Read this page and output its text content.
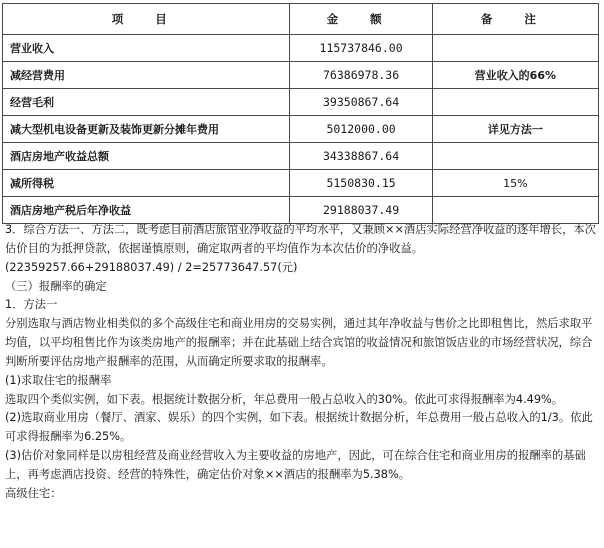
项 目	金 额	备 注
营业收入	115737846.00	
减经营费用	76386978.36	营业收入的66%
经营毛利	39350867.64	
减大型机电设备更新及装饰更新分摊年费用	5012000.00	详见方法一
酒店房地产收益总额	34338867.64	
减所得税	5150830.15	15%
酒店房地产税后年净收益	29188037.49	

3．综合方法一、方法二，既考虑目前酒店旅馆业净收益的平均水平，又兼顾××酒店实际经营净收益的逐年增长，本次估价目的为抵押贷款，依据谨慎原则，确定取两者的平均值作为本次估价的净收益。

(22359257.66+29188037.49) / 2=25773647.57(元)

（三）报酬率的确定

1．方法一

分别选取与酒店物业相类似的多个高级住宅和商业用房的交易实例，通过其年净收益与售价之比即租售比，然后求取平均值，以平均租售比作为该类房地产的报酬率；并在此基础上结合宾馆的收益情况和旅馆饭店业的市场经营状况，综合判断所要评估房地产报酬率的范围，从而确定所要求取的报酬率。

(1)求取住宅的报酬率

选取四个类似实例，如下表。根据统计数据分析，年总费用一般占总收入的30%。依此可求得报酬率为4.49%。

(2)选取商业用房（餐厅、酒家、娱乐）的四个实例，如下表。根据统计数据分析，年总费用一般占总收入的1/3。依此可求得报酬率为6.25%。

(3)估价对象同样是以房租经营及商业经营收入为主要收益的房地产，因此，可在综合住宅和商业用房的报酬率的基础上，再考虑酒店投资、经营的特殊性，确定估价对象××酒店的报酬率为5.38%。

高级住宅：
